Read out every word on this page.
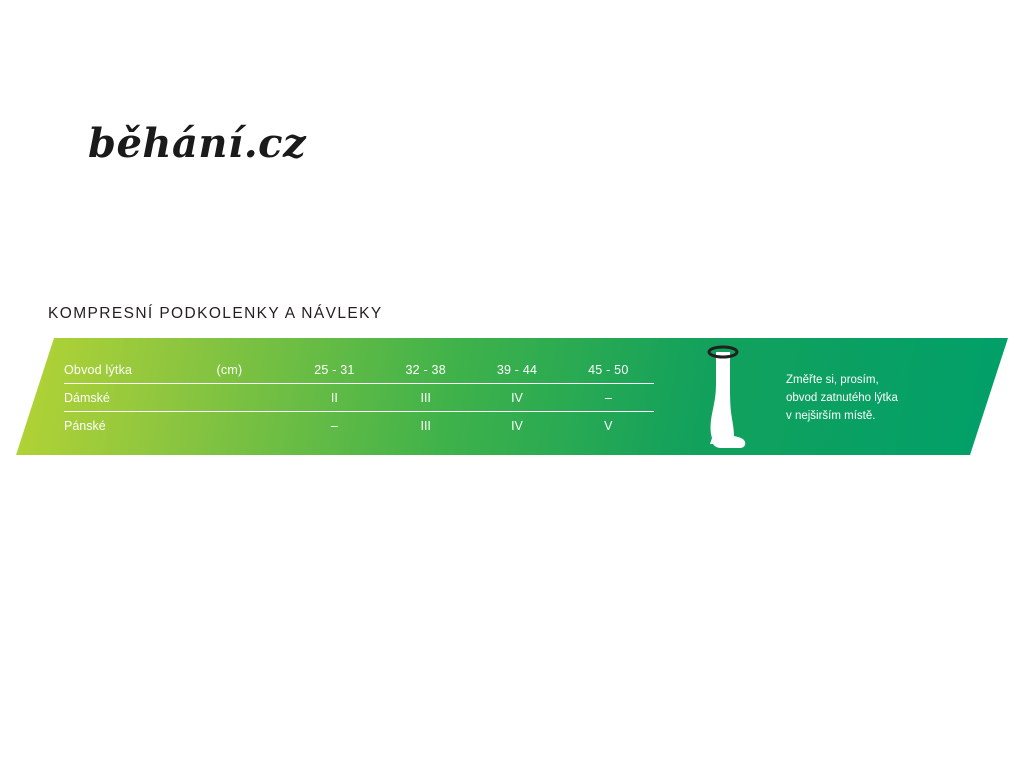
běhání.cz
KOMPRESNÍ PODKOLENKY A NÁVLEKY
Obvod lýtka	(cm)	25 - 31	32 - 38	39 - 44	45 - 50
Dámské		II	III	IV	–
Pánské		–	III	IV	V
Změřte si, prosím,
obvod zatnutého lýtka
v nejširším místě.
